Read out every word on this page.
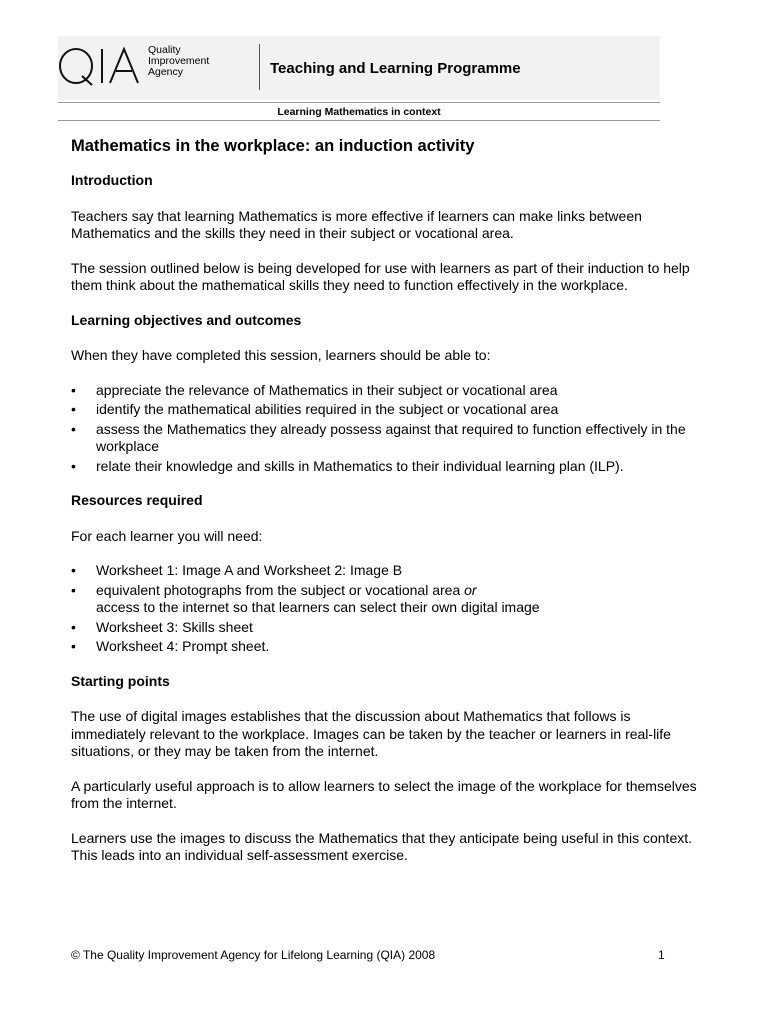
Quality
Improvement
Agency	Teaching and Learning Programme
Learning Mathematics in context
Mathematics in the workplace: an induction activity
Introduction

Teachers say that learning Mathematics is more effective if learners can make links between Mathematics and the skills they need in their subject or vocational area.

The session outlined below is being developed for use with learners as part of their induction to help them think about the mathematical skills they need to function effectively in the workplace.

Learning objectives and outcomes

When they have completed this session, learners should be able to:

• appreciate the relevance of Mathematics in their subject or vocational area
• identify the mathematical abilities required in the subject or vocational area
• assess the Mathematics they already possess against that required to function effectively in the workplace
• relate their knowledge and skills in Mathematics to their individual learning plan (ILP).
Resources required

For each learner you will need:

• Worksheet 1: Image A and Worksheet 2: Image B
• equivalent photographs from the subject or vocational area or
access to the internet so that learners can select their own digital image
• Worksheet 3: Skills sheet
• Worksheet 4: Prompt sheet.
Starting points

The use of digital images establishes that the discussion about Mathematics that follows is immediately relevant to the workplace. Images can be taken by the teacher or learners in real-life situations, or they may be taken from the internet.

A particularly useful approach is to allow learners to select the image of the workplace for themselves from the internet.

Learners use the images to discuss the Mathematics that they anticipate being useful in this context. This leads into an individual self-assessment exercise.

© The Quality Improvement Agency for Lifelong Learning (QIA) 2008	1
